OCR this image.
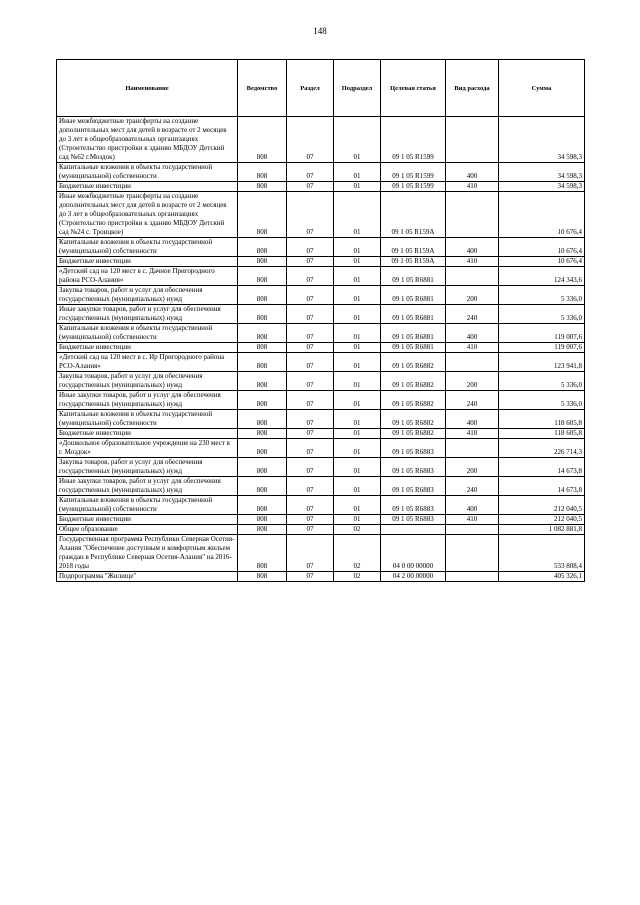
148
Наименование	Ведомство	Раздел	Подраздел	Целевая статья	Вид расхода	Сумма
Иные межбюджетные трансферты на создание дополнительных мест для детей в возрасте от 2 месяцев до 3 лет в общеобразовательных организациях (Строительство пристройки к зданию МБДОУ Детский сад №62 г.Моздок)	808	07	01	09 1 05 R1599		34 598,3
Капитальные вложения в объекты государственной (муниципальной) собственности	808	07	01	09 1 05 R1599	400	34 598,3
Бюджетные инвестиции	808	07	01	09 1 05 R1599	410	34 598,3
Иные межбюджетные трансферты на создание дополнительных мест для детей в возрасте от 2 месяцев до 3 лет в общеобразовательных организациях (Строительство пристройки к зданию МБДОУ Детский сад №24 с. Троицкое)	808	07	01	09 1 05 R159A		10 676,4
Капитальные вложения в объекты государственной (муниципальной) собственности	808	07	01	09 1 05 R159A	400	10 676,4
Бюджетные инвестиции	808	07	01	09 1 05 R159A	410	10 676,4
«Детский сад на 120 мест в с. Дачное Пригородного района РСО-Алания»	808	07	01	09 1 05 R6881		124 343,6
Закупка товаров, работ и услуг для обеспечения государственных (муниципальных) нужд	808	07	01	09 1 05 R6881	200	5 336,0
Иные закупки товаров, работ и услуг для обеспечения государственных (муниципальных) нужд	808	07	01	09 1 05 R6881	240	5 336,0
Капитальные вложения в объекты государственной (муниципальной) собственности	808	07	01	09 1 05 R6881	400	119 007,6
Бюджетные инвестиции	808	07	01	09 1 05 R6881	410	119 007,6
«Детский сад на 120 мест в с. Ир Пригородного района РСО-Алания»	808	07	01	09 1 05 R6882		123 941,8
Закупка товаров, работ и услуг для обеспечения государственных (муниципальных) нужд	808	07	01	09 1 05 R6882	200	5 336,0
Иные закупки товаров, работ и услуг для обеспечения государственных (муниципальных) нужд	808	07	01	09 1 05 R6882	240	5 336,0
Капитальные вложения в объекты государственной (муниципальной) собственности	808	07	01	09 1 05 R6882	400	118 605,8
Бюджетные инвестиции	808	07	01	09 1 05 R6882	410	118 605,8
«Дошкольное образовательное учреждение на 230 мест в г. Моздок»	808	07	01	09 1 05 R6883		226 714,3
Закупка товаров, работ и услуг для обеспечения государственных (муниципальных) нужд	808	07	01	09 1 05 R6883	200	14 673,8
Иные закупки товаров, работ и услуг для обеспечения государственных (муниципальных) нужд	808	07	01	09 1 05 R6883	240	14 673,8
Капитальные вложения в объекты государственной (муниципальной) собственности	808	07	01	09 1 05 R6883	400	212 040,5
Бюджетные инвестиции	808	07	01	09 1 05 R6883	410	212 040,5
Общее образование	808	07	02			1 082 881,8
Государственная программа Республики Северная Осетия-Алания "Обеспечение доступным и комфортным жильем граждан в Республике Северная Осетия-Алания" на 2016-2018 годы	808	07	02	04 0 00 00000		533 808,4
Подпрограмма "Жилище"	808	07	02	04 2 00 00000		405 326,1
